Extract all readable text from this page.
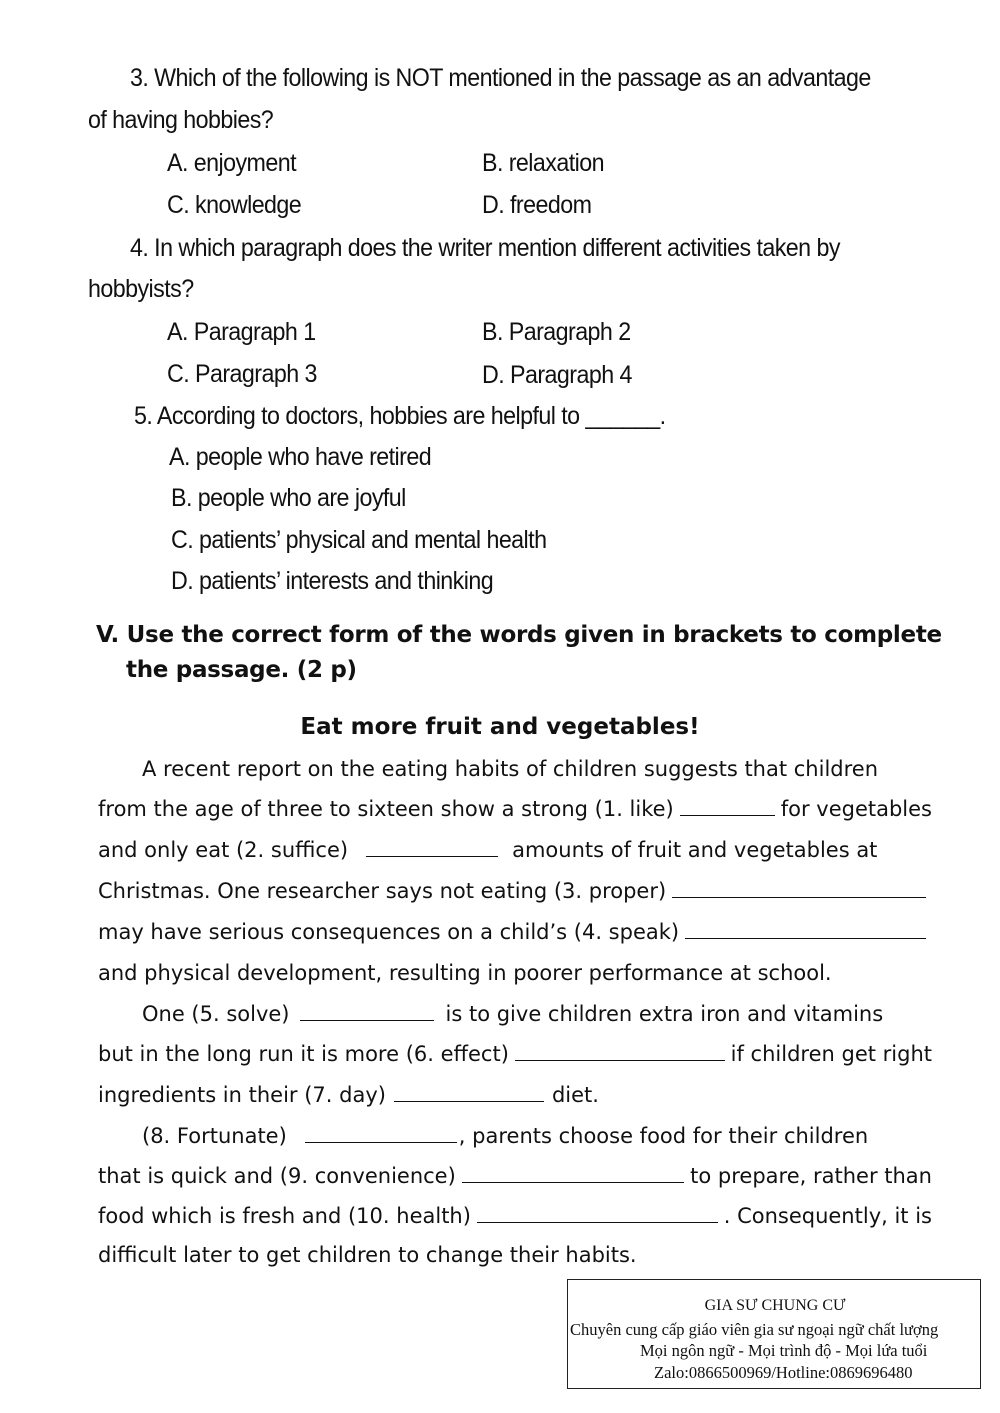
3. Which of the following is NOT mentioned in the passage as an advantage
of having hobbies?
A. enjoyment	B. relaxation
C. knowledge	D. freedom
4. In which paragraph does the writer mention different activities taken by
hobbyists?
A. Paragraph 1	B. Paragraph 2
C. Paragraph 3	D. Paragraph 4
5. According to doctors, hobbies are helpful to ______.
A. people who have retired
B. people who are joyful
C. patients’ physical and mental health
D. patients’ interests and thinking
V. Use the correct form of the words given in brackets to complete
the passage. (2 p)
Eat more fruit and vegetables!
A recent report on the eating habits of children suggests that children
from the age of three to sixteen show a strong (1. like)	for vegetables
and only eat (2. suffice)	amounts of fruit and vegetables at
Christmas. One researcher says not eating (3. proper)
may have serious consequences on a child’s (4. speak)
and physical development, resulting in poorer performance at school.
One (5. solve)	is to give children extra iron and vitamins
but in the long run it is more (6. effect)	if children get right
ingredients in their (7. day)	diet.
(8. Fortunate)	, parents choose food for their children
that is quick and (9. convenience)	to prepare, rather than
food which is fresh and (10. health)	. Consequently, it is
difficult later to get children to change their habits.
GIA SƯ CHUNG CƯ
Chuyên cung cấp giáo viên gia sư ngoại ngữ chất lượng
Mọi ngôn ngữ - Mọi trình độ - Mọi lứa tuổi
Zalo:0866500969/Hotline:0869696480
